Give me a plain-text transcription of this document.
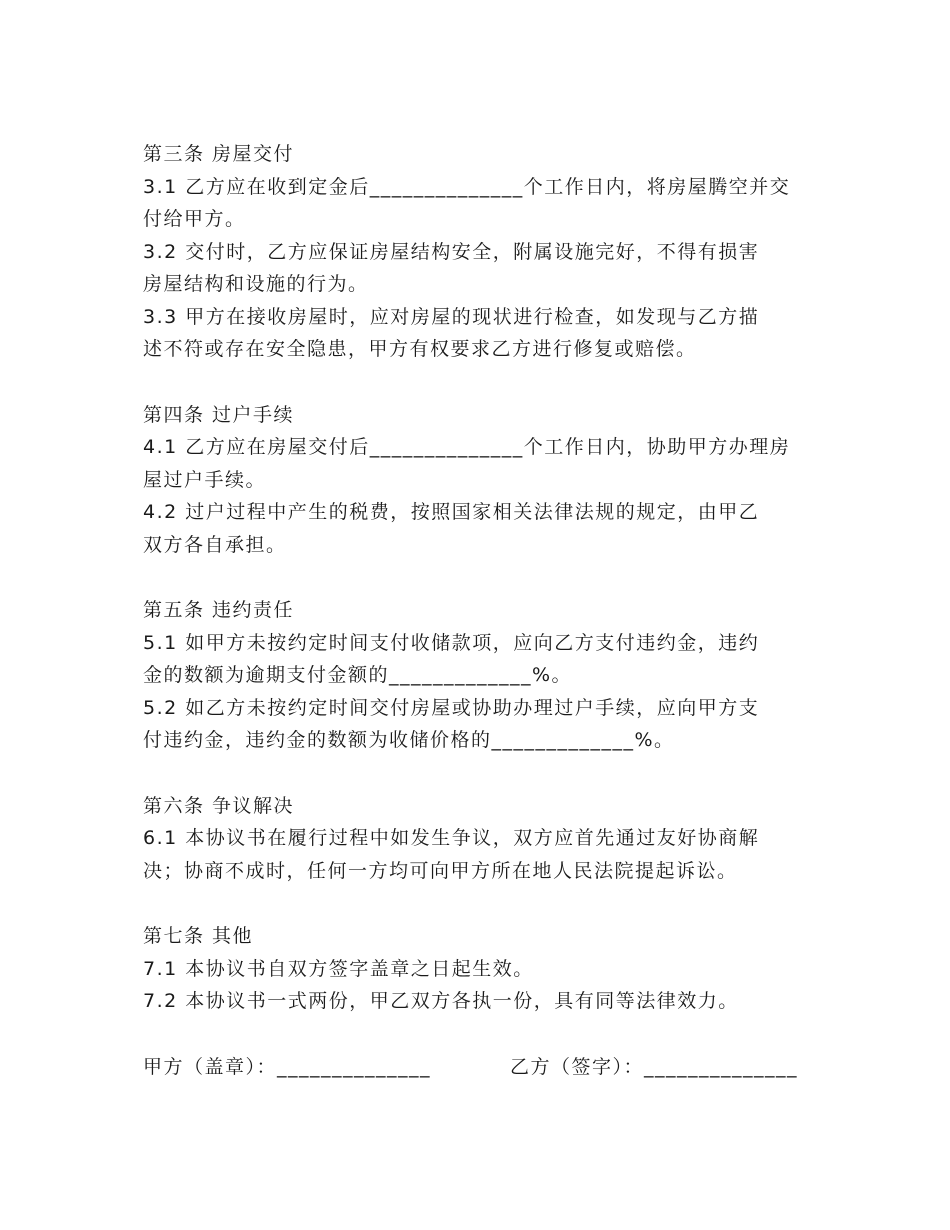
第三条 房屋交付
3.1 乙方应在收到定金后______________个工作日内，将房屋腾空并交
付给甲方。
3.2 交付时，乙方应保证房屋结构安全，附属设施完好，不得有损害
房屋结构和设施的行为。
3.3 甲方在接收房屋时，应对房屋的现状进行检查，如发现与乙方描
述不符或存在安全隐患，甲方有权要求乙方进行修复或赔偿。
第四条 过户手续
4.1 乙方应在房屋交付后______________个工作日内，协助甲方办理房
屋过户手续。
4.2 过户过程中产生的税费，按照国家相关法律法规的规定，由甲乙
双方各自承担。
第五条 违约责任
5.1 如甲方未按约定时间支付收储款项，应向乙方支付违约金，违约
金的数额为逾期支付金额的_____________%。
5.2 如乙方未按约定时间交付房屋或协助办理过户手续，应向甲方支
付违约金，违约金的数额为收储价格的_____________%。
第六条 争议解决
6.1 本协议书在履行过程中如发生争议，双方应首先通过友好协商解
决；协商不成时，任何一方均可向甲方所在地人民法院提起诉讼。
第七条 其他
7.1 本协议书自双方签字盖章之日起生效。
7.2 本协议书一式两份，甲乙双方各执一份，具有同等法律效力。
甲方（盖章）：______________	乙方（签字）：______________
